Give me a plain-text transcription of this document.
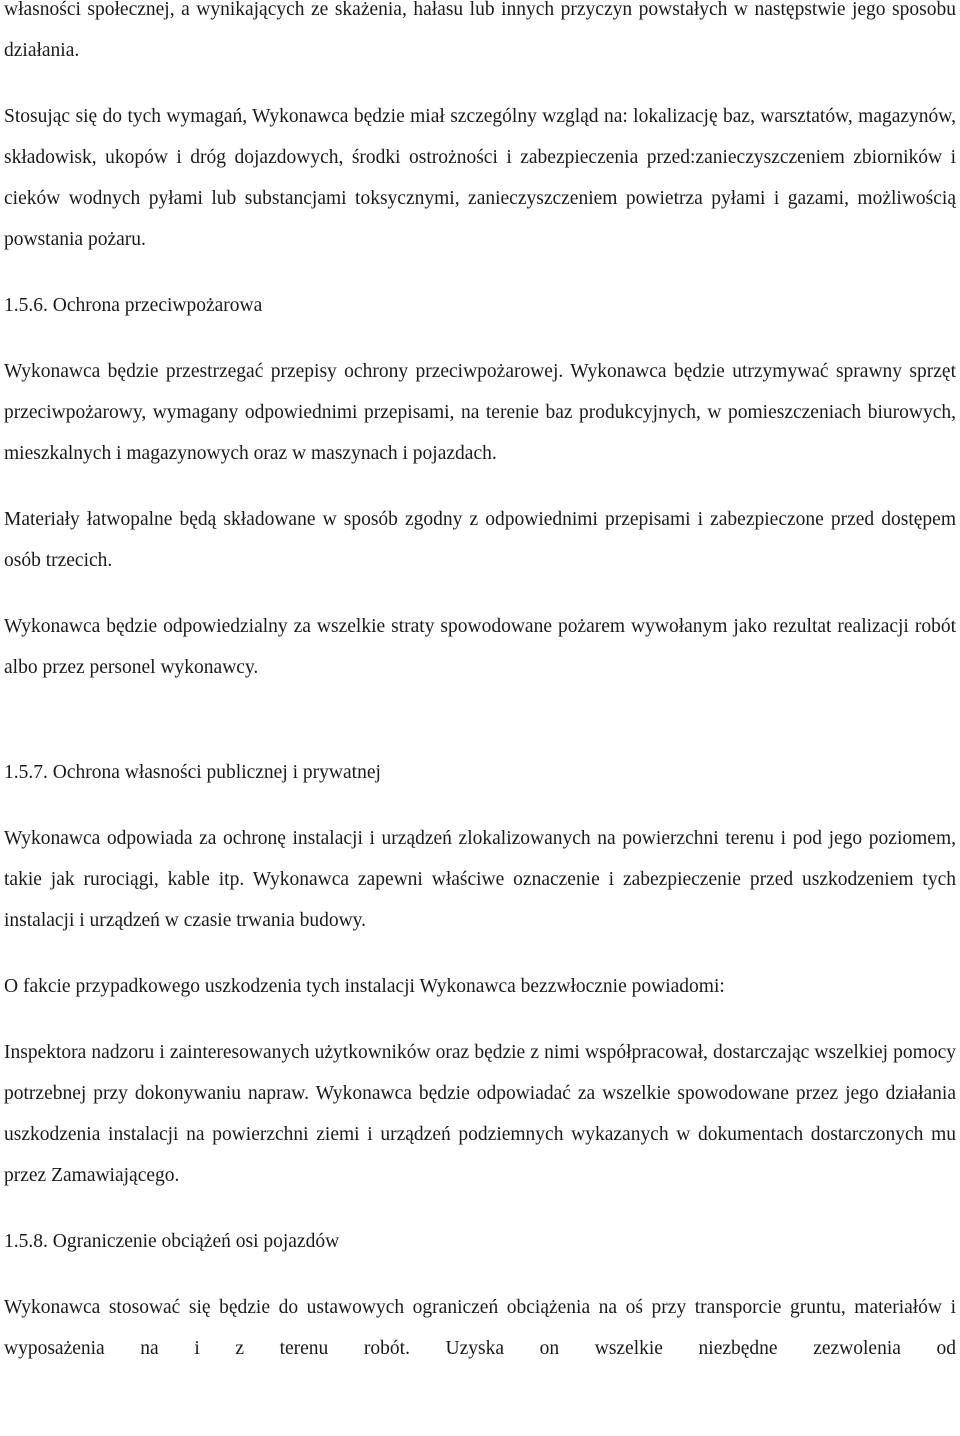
własności społecznej, a wynikających ze skażenia, hałasu lub innych przyczyn powstałych w następstwie jego sposobu działania.

Stosując się do tych wymagań, Wykonawca będzie miał szczególny wzgląd na: lokalizację baz, warsztatów, magazynów, składowisk, ukopów i dróg dojazdowych, środki ostrożności i zabezpieczenia przed:zanieczyszczeniem zbiorników i cieków wodnych pyłami lub substancjami toksycznymi, zanieczyszczeniem powietrza pyłami i gazami, możliwością powstania pożaru.

1.5.6. Ochrona przeciwpożarowa

Wykonawca będzie przestrzegać przepisy ochrony przeciwpożarowej. Wykonawca będzie utrzymywać sprawny sprzęt przeciwpożarowy, wymagany odpowiednimi przepisami, na terenie baz produkcyjnych, w pomieszczeniach biurowych, mieszkalnych i magazynowych oraz w maszynach i pojazdach.

Materiały łatwopalne będą składowane w sposób zgodny z odpowiednimi przepisami i zabezpieczone przed dostępem osób trzecich.

Wykonawca będzie odpowiedzialny za wszelkie straty spowodowane pożarem wywołanym jako rezultat realizacji robót albo przez personel wykonawcy.

1.5.7. Ochrona własności publicznej i prywatnej

Wykonawca odpowiada za ochronę instalacji i urządzeń zlokalizowanych na powierzchni terenu i pod jego poziomem, takie jak rurociągi, kable itp. Wykonawca zapewni właściwe oznaczenie i zabezpieczenie przed uszkodzeniem tych instalacji i urządzeń w czasie trwania budowy.

O fakcie przypadkowego uszkodzenia tych instalacji Wykonawca bezzwłocznie powiadomi:

Inspektora nadzoru i zainteresowanych użytkowników oraz będzie z nimi współpracował, dostarczając wszelkiej pomocy potrzebnej przy dokonywaniu napraw. Wykonawca będzie odpowiadać za wszelkie spowodowane przez jego działania uszkodzenia instalacji na powierzchni ziemi i urządzeń podziemnych wykazanych w dokumentach dostarczonych mu przez Zamawiającego.

1.5.8. Ograniczenie obciążeń osi pojazdów

Wykonawca stosować się będzie do ustawowych ograniczeń obciążenia na oś przy transporcie gruntu, materiałów i wyposażenia na i z terenu robót. Uzyska on wszelkie niezbędne zezwolenia od
